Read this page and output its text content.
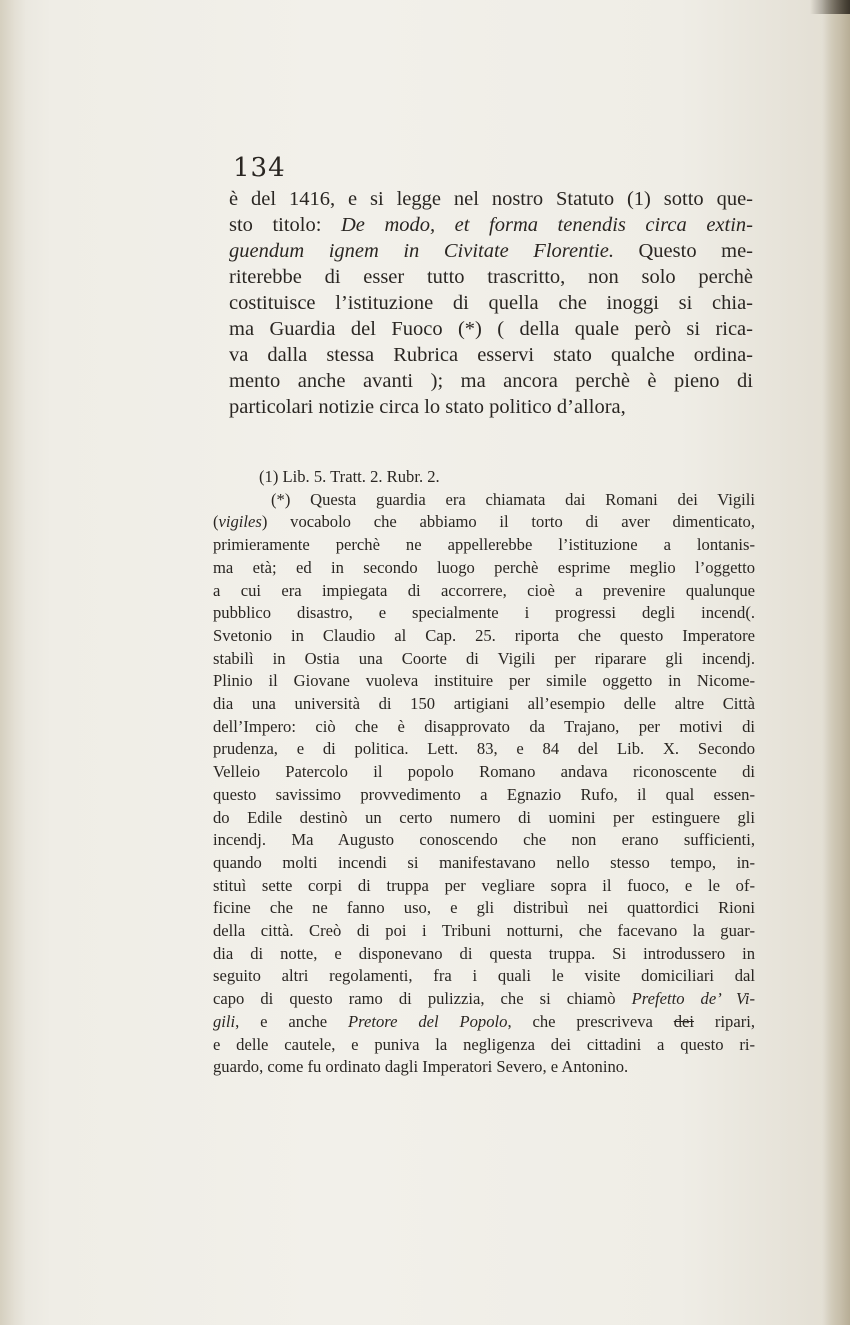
134
è del 1416, e si legge nel nostro Statuto (1) sotto que-
sto titolo: De modo, et forma tenendis circa extin-
guendum ignem in Civitate Florentie. Questo me-
riterebbe di esser tutto trascritto, non solo perchè
costituisce l’istituzione di quella che inoggi si chia-
ma Guardia del Fuoco (*) ( della quale però si rica-
va dalla stessa Rubrica esservi stato qualche ordina-
mento anche avanti ); ma ancora perchè è pieno di
particolari notizie circa lo stato politico d’allora,
(1) Lib. 5. Tratt. 2. Rubr. 2.
(*) Questa guardia era chiamata dai Romani dei Vigili
(vigiles) vocabolo che abbiamo il torto di aver dimenticato,
primieramente perchè ne appellerebbe l’istituzione a lontanis-
ma età; ed in secondo luogo perchè esprime meglio l’oggetto
a cui era impiegata di accorrere, cioè a prevenire qualunque
pubblico disastro, e specialmente i progressi degli incend(.
Svetonio in Claudio al Cap. 25. riporta che questo Imperatore
stabilì in Ostia una Coorte di Vigili per riparare gli incendj.
Plinio il Giovane vuoleva instituire per simile oggetto in Nicome-
dia una università di 150 artigiani all’esempio delle altre Città
dell’Impero: ciò che è disapprovato da Trajano, per motivi di
prudenza, e di politica. Lett. 83, e 84 del Lib. X. Secondo
Velleio Patercolo il popolo Romano andava riconoscente di
questo savissimo provvedimento a Egnazio Rufo, il qual essen-
do Edile destinò un certo numero di uomini per estinguere gli
incendj. Ma Augusto conoscendo che non erano sufficienti,
quando molti incendi si manifestavano nello stesso tempo, in-
stituì sette corpi di truppa per vegliare sopra il fuoco, e le of-
ficine che ne fanno uso, e gli distribuì nei quattordici Rioni
della città. Creò di poi i Tribuni notturni, che facevano la guar-
dia di notte, e disponevano di questa truppa. Si introdussero in
seguito altri regolamenti, fra i quali le visite domiciliari dal
capo di questo ramo di pulizzia, che si chiamò Prefetto de’ Vi-
gili, e anche Pretore del Popolo, che prescriveva dei ripari,
e delle cautele, e puniva la negligenza dei cittadini a questo ri-
guardo, come fu ordinato dagli Imperatori Severo, e Antonino.
